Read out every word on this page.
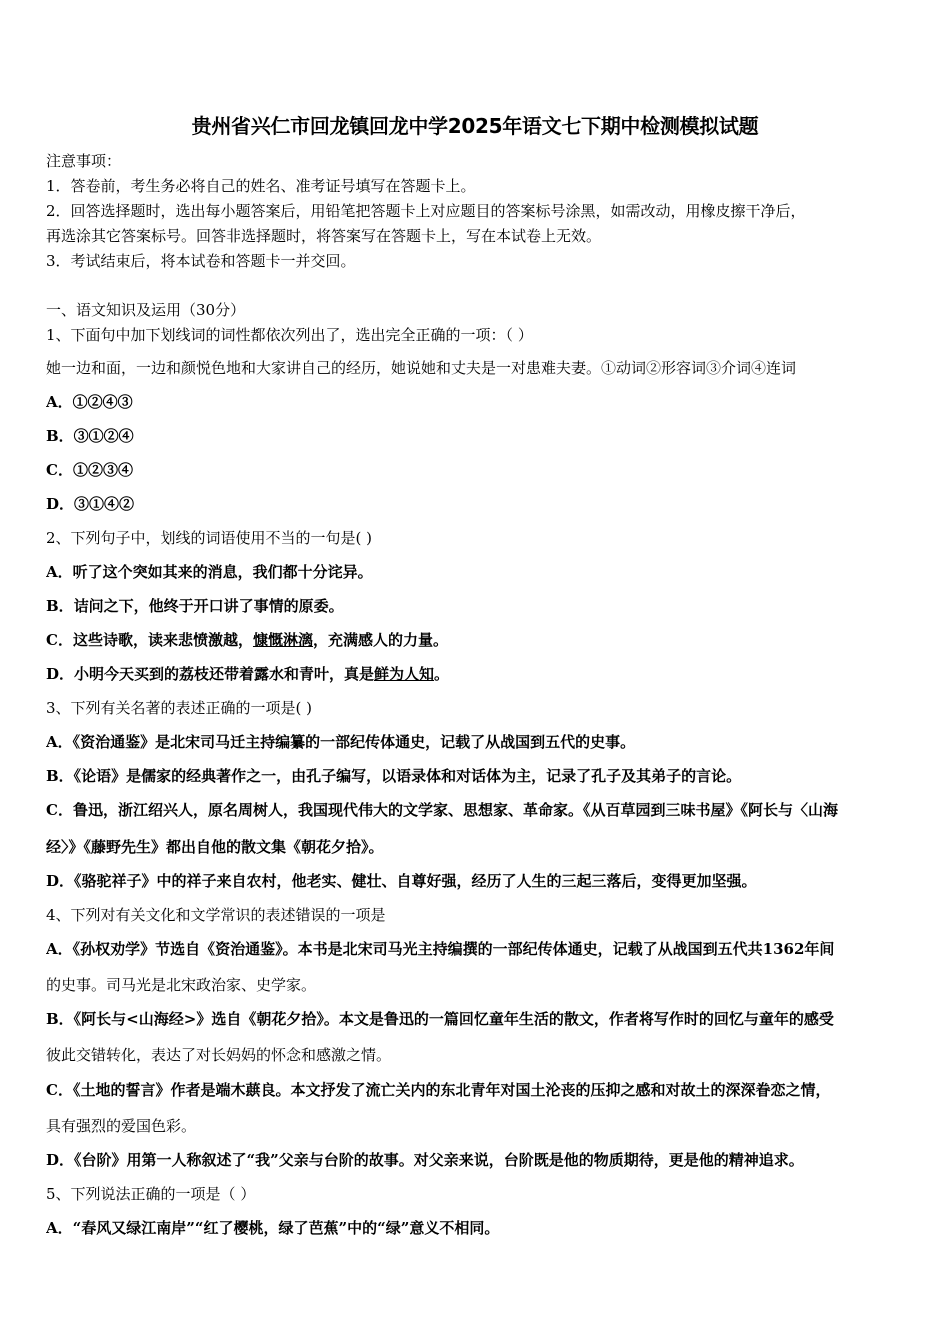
贵州省兴仁市回龙镇回龙中学2025年语文七下期中检测模拟试题
注意事项：
1．答卷前，考生务必将自己的姓名、准考证号填写在答题卡上。
2．回答选择题时，选出每小题答案后，用铅笔把答题卡上对应题目的答案标号涂黑，如需改动，用橡皮擦干净后，
再选涂其它答案标号。回答非选择题时，将答案写在答题卡上，写在本试卷上无效。
3．考试结束后，将本试卷和答题卡一并交回。
一、语文知识及运用（30分）
1、下面句中加下划线词的词性都依次列出了，选出完全正确的一项：（ ）
她一边和面，一边和颜悦色地和大家讲自己的经历，她说她和丈夫是一对患难夫妻。①动词②形容词③介词④连词
A．①②④③
B．③①②④
C．①②③④
D．③①④②
2、下列句子中，划线的词语使用不当的一句是( )
A．听了这个突如其来的消息，我们都十分诧异。
B．诘问之下，他终于开口讲了事情的原委。
C．这些诗歌，读来悲愤激越，慷慨淋漓，充满感人的力量。
D．小明今天买到的荔枝还带着露水和青叶，真是鲜为人知。
3、下列有关名著的表述正确的一项是( )
A．《资治通鉴》是北宋司马迁主持编纂的一部纪传体通史，记载了从战国到五代的史事。
B．《论语》是儒家的经典著作之一，由孔子编写，以语录体和对话体为主，记录了孔子及其弟子的言论。
C．鲁迅，浙江绍兴人，原名周树人，我国现代伟大的文学家、思想家、革命家。《从百草园到三味书屋》《阿长与〈山海
经〉》《藤野先生》都出自他的散文集《朝花夕拾》。
D．《骆驼祥子》中的祥子来自农村，他老实、健壮、自尊好强，经历了人生的三起三落后，变得更加坚强。
4、下列对有关文化和文学常识的表述错误的一项是
A．《孙权劝学》节选自《资治通鉴》。本书是北宋司马光主持编撰的一部纪传体通史，记载了从战国到五代共1362年间
的史事。司马光是北宋政治家、史学家。
B．《阿长与<山海经>》选自《朝花夕拾》。本文是鲁迅的一篇回忆童年生活的散文，作者将写作时的回忆与童年的感受
彼此交错转化，表达了对长妈妈的怀念和感激之情。
C．《土地的誓言》作者是端木蕻良。本文抒发了流亡关内的东北青年对国土沦丧的压抑之感和对故土的深深眷恋之情，
具有强烈的爱国色彩。
D．《台阶》用第一人称叙述了“我”父亲与台阶的故事。对父亲来说，台阶既是他的物质期待，更是他的精神追求。
5、下列说法正确的一项是（ ）
A．“春风又绿江南岸”“红了樱桃，绿了芭蕉”中的“绿”意义不相同。
